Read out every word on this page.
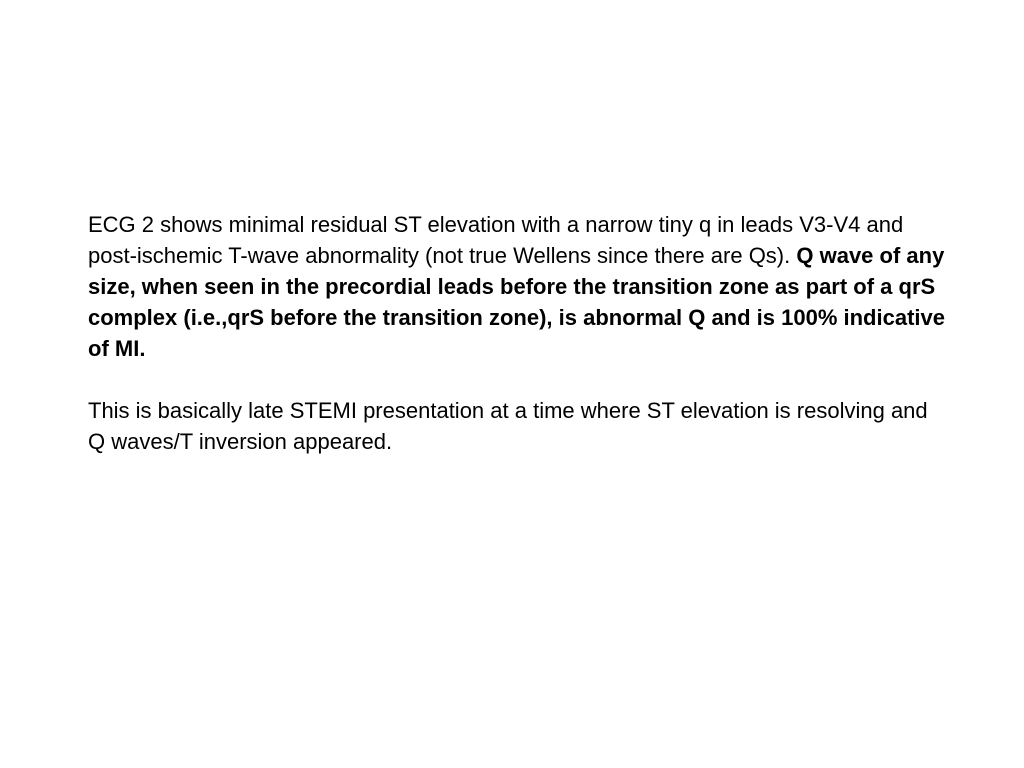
ECG 2 shows minimal residual ST elevation with a narrow tiny q in leads V3-V4 and post-ischemic T-wave abnormality (not true Wellens since there are Qs). Q wave of any size, when seen in the precordial leads before the transition zone as part of a qrS complex (i.e.,qrS before the transition zone), is abnormal Q and is 100% indicative of MI.

This is basically late STEMI presentation at a time where ST elevation is resolving and Q waves/T inversion appeared.
